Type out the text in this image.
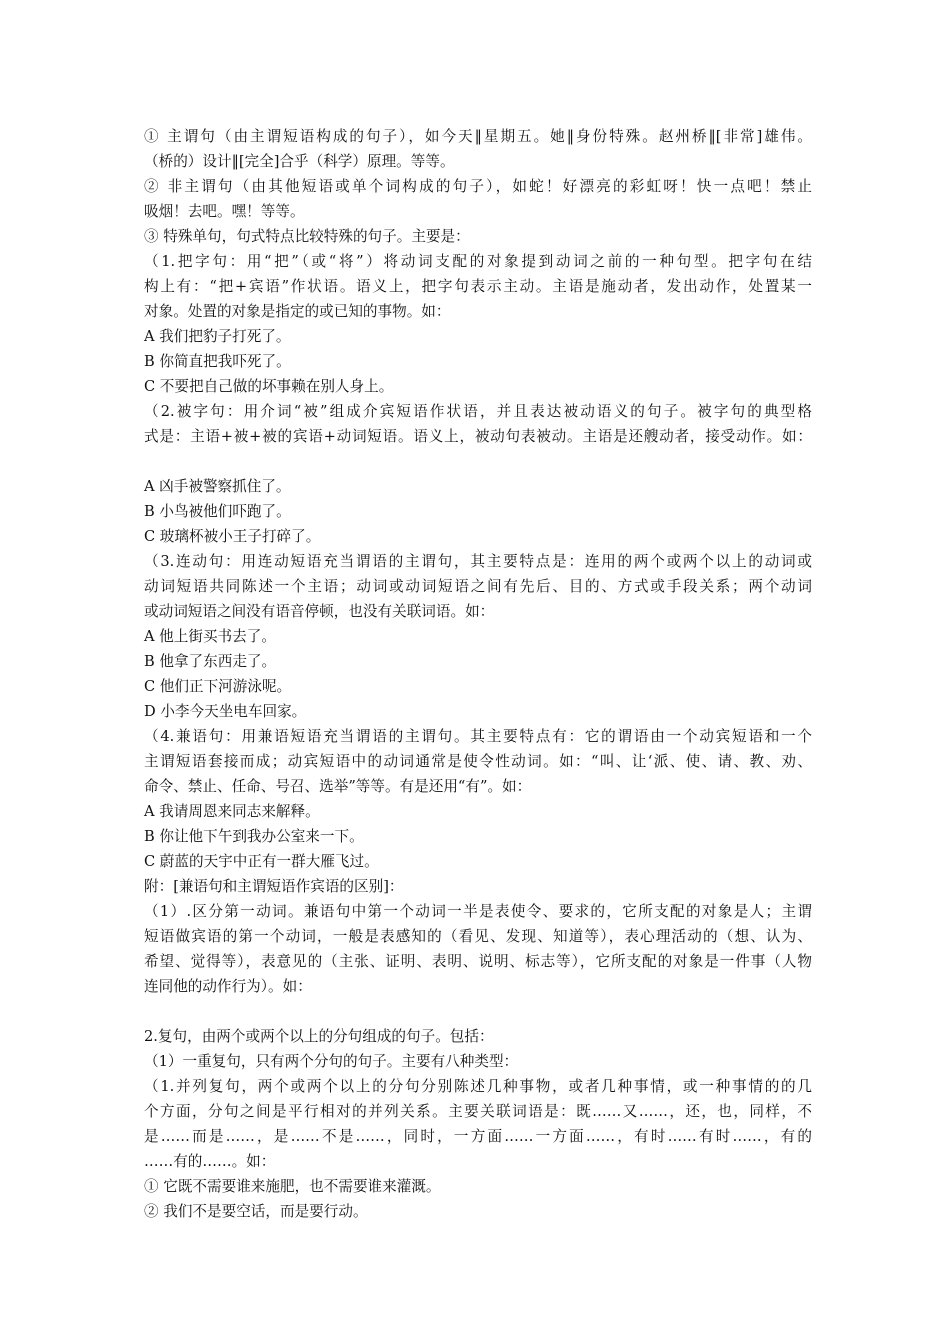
① 主谓句（由主谓短语构成的句子），如今天‖星期五。她‖身份特殊。赵州桥‖[非常]雄伟。
（桥的）设计‖[完全]合乎（科学）原理。等等。
② 非主谓句（由其他短语或单个词构成的句子），如蛇！好漂亮的彩虹呀！快一点吧！禁止
吸烟！去吧。嘿！等等。
③ 特殊单句，句式特点比较特殊的句子。主要是：
（1.把字句：用“把”（或“将”）将动词支配的对象提到动词之前的一种句型。把字句在结
构上有：“把+宾语”作状语。语义上，把字句表示主动。主语是施动者，发出动作，处置某一
对象。处置的对象是指定的或已知的事物。如：
A 我们把豹子打死了。
B 你简直把我吓死了。
C 不要把自己做的坏事赖在别人身上。
（2.被字句：用介词“被”组成介宾短语作状语，并且表达被动语义的句子。被字句的典型格
式是：主语+被+被的宾语+动词短语。语义上，被动句表被动。主语是还艘动者，接受动作。如：
A 凶手被警察抓住了。
B 小鸟被他们吓跑了。
C 玻璃杯被小王子打碎了。
（3.连动句：用连动短语充当谓语的主谓句，其主要特点是：连用的两个或两个以上的动词或
动词短语共同陈述一个主语；动词或动词短语之间有先后、目的、方式或手段关系；两个动词
或动词短语之间没有语音停顿，也没有关联词语。如：
A 他上街买书去了。
B 他拿了东西走了。
C 他们正下河游泳呢。
D 小李今天坐电车回家。
（4.兼语句：用兼语短语充当谓语的主谓句。其主要特点有：它的谓语由一个动宾短语和一个
主谓短语套接而成；动宾短语中的动词通常是使令性动词。如：“叫、让‘派、使、请、教、劝、
命令、禁止、任命、号召、选举”等等。有是还用“有”。如：
A 我请周恩来同志来解释。
B 你让他下午到我办公室来一下。
C 蔚蓝的天宇中正有一群大雁飞过。
附：[兼语句和主谓短语作宾语的区别]：
（1）.区分第一动词。兼语句中第一个动词一半是表使令、要求的，它所支配的对象是人；主谓
短语做宾语的第一个动词，一般是表感知的（看见、发现、知道等），表心理活动的（想、认为、
希望、觉得等），表意见的（主张、证明、表明、说明、标志等），它所支配的对象是一件事（人物
连同他的动作行为）。如：
2.复句，由两个或两个以上的分句组成的句子。包括：
（1）一重复句，只有两个分句的句子。主要有八种类型：
（1.并列复句，两个或两个以上的分句分别陈述几种事物，或者几种事情，或一种事情的的几
个方面，分句之间是平行相对的并列关系。主要关联词语是：既……又……，还，也，同样，不
是……而是……，是……不是……，同时，一方面……一方面……，有时……有时……，有的
……有的……。如：
① 它既不需要谁来施肥，也不需要谁来灌溉。
② 我们不是要空话，而是要行动。
